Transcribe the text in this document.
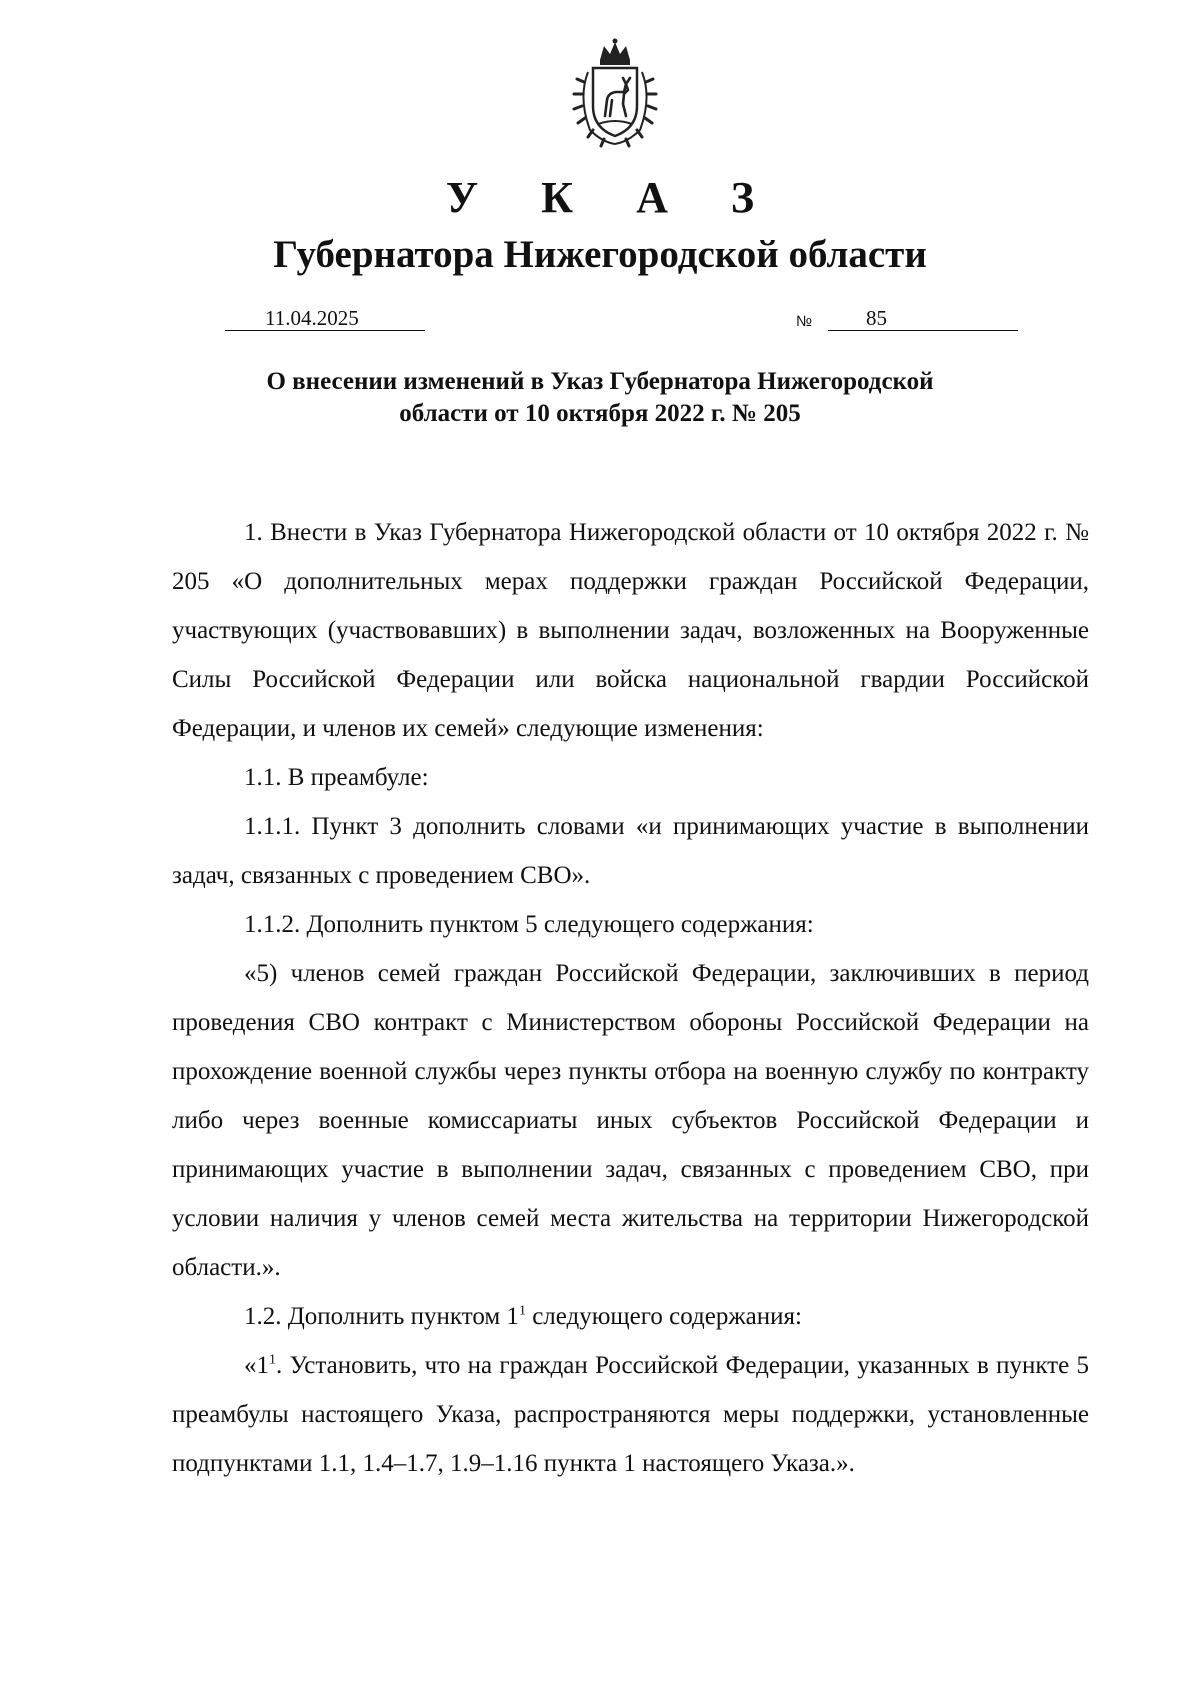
У К А З
Губернатора Нижегородской области
11.04.2025	№	85
О внесении изменений в Указ Губернатора Нижегородской
области от 10 октября 2022 г. № 205

1. Внести в Указ Губернатора Нижегородской области от 10 октября 2022 г. № 205 «О дополнительных мерах поддержки граждан Российской Федерации, участвующих (участвовавших) в выполнении задач, возложенных на Вооруженные Силы Российской Федерации или войска национальной гвардии Российской Федерации, и членов их семей» следующие изменения:

1.1. В преамбуле:

1.1.1. Пункт 3 дополнить словами «и принимающих участие в выполнении задач, связанных с проведением СВО».

1.1.2. Дополнить пунктом 5 следующего содержания:

«5) членов семей граждан Российской Федерации, заключивших в период проведения СВО контракт с Министерством обороны Российской Федерации на прохождение военной службы через пункты отбора на военную службу по контракту либо через военные комиссариаты иных субъектов Российской Федерации и принимающих участие в выполнении задач, связанных с проведением СВО, при условии наличия у членов семей места жительства на территории Нижегородской области.».

1.2. Дополнить пунктом $1^1$ следующего содержания:

«$1^1$. Установить, что на граждан Российской Федерации, указанных в пункте 5 преамбулы настоящего Указа, распространяются меры поддержки, установленные подпунктами 1.1, 1.4–1.7, 1.9–1.16 пункта 1 настоящего Указа.».
